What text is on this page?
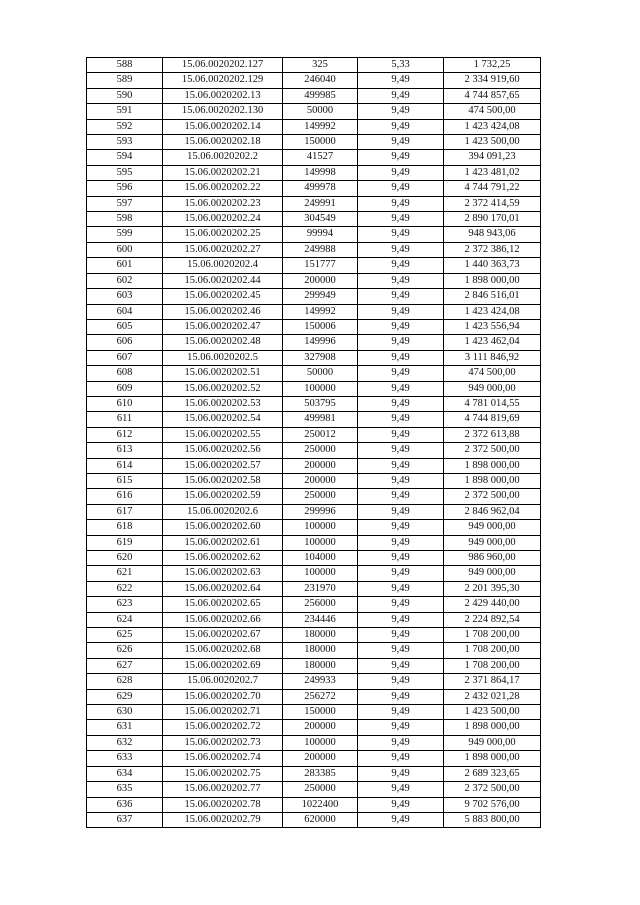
588	15.06.0020202.127	325	5,33	1 732,25
589	15.06.0020202.129	246040	9,49	2 334 919,60
590	15.06.0020202.13	499985	9,49	4 744 857,65
591	15.06.0020202.130	50000	9,49	474 500,00
592	15.06.0020202.14	149992	9,49	1 423 424,08
593	15.06.0020202.18	150000	9,49	1 423 500,00
594	15.06.0020202.2	41527	9,49	394 091,23
595	15.06.0020202.21	149998	9,49	1 423 481,02
596	15.06.0020202.22	499978	9,49	4 744 791,22
597	15.06.0020202.23	249991	9,49	2 372 414,59
598	15.06.0020202.24	304549	9,49	2 890 170,01
599	15.06.0020202.25	99994	9,49	948 943,06
600	15.06.0020202.27	249988	9,49	2 372 386,12
601	15.06.0020202.4	151777	9,49	1 440 363,73
602	15.06.0020202.44	200000	9,49	1 898 000,00
603	15.06.0020202.45	299949	9,49	2 846 516,01
604	15.06.0020202.46	149992	9,49	1 423 424,08
605	15.06.0020202.47	150006	9,49	1 423 556,94
606	15.06.0020202.48	149996	9,49	1 423 462,04
607	15.06.0020202.5	327908	9,49	3 111 846,92
608	15.06.0020202.51	50000	9,49	474 500,00
609	15.06.0020202.52	100000	9,49	949 000,00
610	15.06.0020202.53	503795	9,49	4 781 014,55
611	15.06.0020202.54	499981	9,49	4 744 819,69
612	15.06.0020202.55	250012	9,49	2 372 613,88
613	15.06.0020202.56	250000	9,49	2 372 500,00
614	15.06.0020202.57	200000	9,49	1 898 000,00
615	15.06.0020202.58	200000	9,49	1 898 000,00
616	15.06.0020202.59	250000	9,49	2 372 500,00
617	15.06.0020202.6	299996	9,49	2 846 962,04
618	15.06.0020202.60	100000	9,49	949 000,00
619	15.06.0020202.61	100000	9,49	949 000,00
620	15.06.0020202.62	104000	9,49	986 960,00
621	15.06.0020202.63	100000	9,49	949 000,00
622	15.06.0020202.64	231970	9,49	2 201 395,30
623	15.06.0020202.65	256000	9,49	2 429 440,00
624	15.06.0020202.66	234446	9,49	2 224 892,54
625	15.06.0020202.67	180000	9,49	1 708 200,00
626	15.06.0020202.68	180000	9,49	1 708 200,00
627	15.06.0020202.69	180000	9,49	1 708 200,00
628	15.06.0020202.7	249933	9,49	2 371 864,17
629	15.06.0020202.70	256272	9,49	2 432 021,28
630	15.06.0020202.71	150000	9,49	1 423 500,00
631	15.06.0020202.72	200000	9,49	1 898 000,00
632	15.06.0020202.73	100000	9,49	949 000,00
633	15.06.0020202.74	200000	9,49	1 898 000,00
634	15.06.0020202.75	283385	9,49	2 689 323,65
635	15.06.0020202.77	250000	9,49	2 372 500,00
636	15.06.0020202.78	1022400	9,49	9 702 576,00
637	15.06.0020202.79	620000	9,49	5 883 800,00
